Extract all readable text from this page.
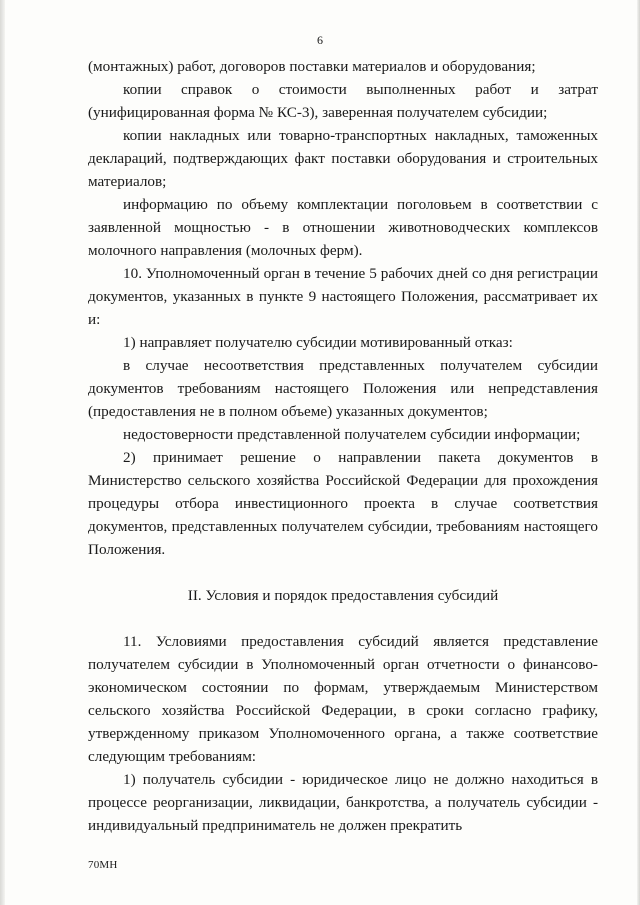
6

(монтажных) работ, договоров поставки материалов и оборудования;

копии справок о стоимости выполненных работ и затрат (унифицированная форма № КС-3), заверенная получателем субсидии;

копии накладных или товарно-транспортных накладных, таможенных деклараций, подтверждающих факт поставки оборудования и строительных материалов;

информацию по объему комплектации поголовьем в соответствии с заявленной мощностью - в отношении животноводческих комплексов молочного направления (молочных ферм).

10. Уполномоченный орган в течение 5 рабочих дней со дня регистрации документов, указанных в пункте 9 настоящего Положения, рассматривает их и:

1) направляет получателю субсидии мотивированный отказ:

в случае несоответствия представленных получателем субсидии документов требованиям настоящего Положения или непредставления (предоставления не в полном объеме) указанных документов;

недостоверности представленной получателем субсидии информации;

2) принимает решение о направлении пакета документов в Министерство сельского хозяйства Российской Федерации для прохождения процедуры отбора инвестиционного проекта в случае соответствия документов, представленных получателем субсидии, требованиям настоящего Положения.

II. Условия и порядок предоставления субсидий

11. Условиями предоставления субсидий является представление получателем субсидии в Уполномоченный орган отчетности о финансово-экономическом состоянии по формам, утверждаемым Министерством сельского хозяйства Российской Федерации, в сроки согласно графику, утвержденному приказом Уполномоченного органа, а также соответствие следующим требованиям:

1) получатель субсидии - юридическое лицо не должно находиться в процессе реорганизации, ликвидации, банкротства, а получатель субсидии - индивидуальный предприниматель не должен прекратить

70МН
